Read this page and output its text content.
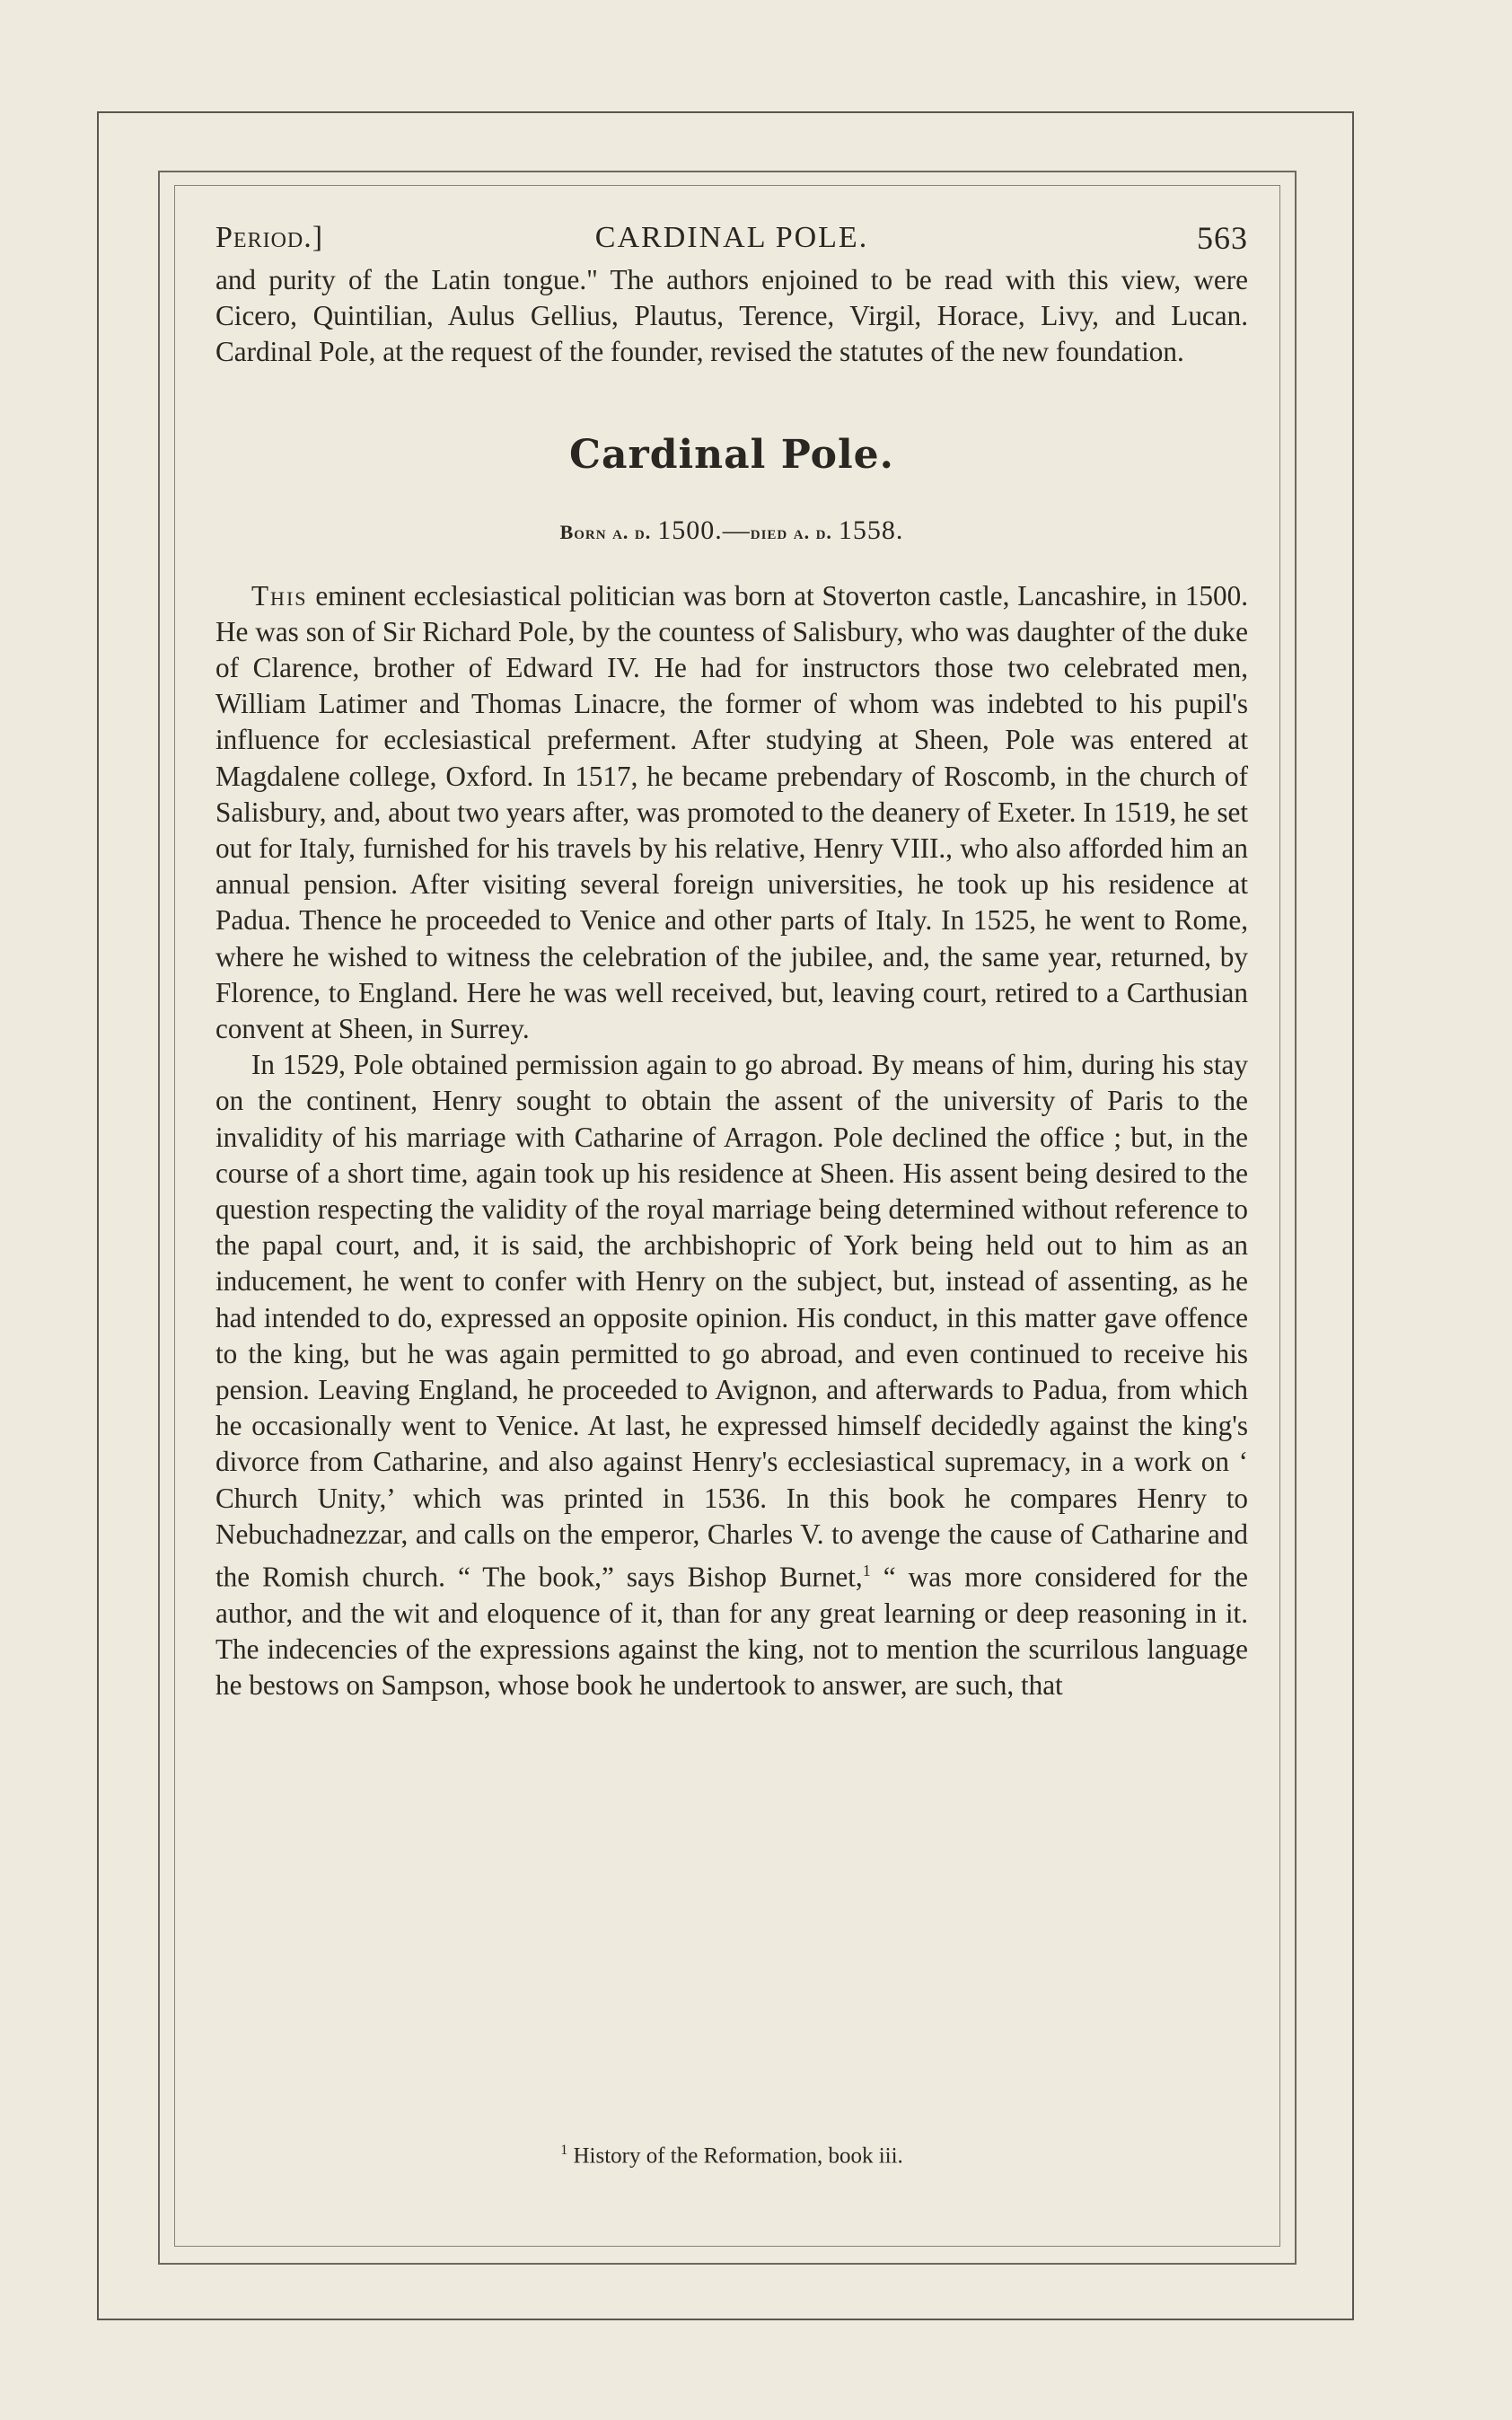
Period.]	CARDINAL POLE.	563

and purity of the Latin tongue." The authors enjoined to be read with this view, were Cicero, Quintilian, Aulus Gellius, Plautus, Terence, Virgil, Horace, Livy, and Lucan. Cardinal Pole, at the request of the founder, revised the statutes of the new foundation.

Cardinal Pole.
Born a. d. 1500.—died a. d. 1558.

This eminent ecclesiastical politician was born at Stoverton castle, Lancashire, in 1500. He was son of Sir Richard Pole, by the countess of Salisbury, who was daughter of the duke of Clarence, brother of Edward IV. He had for instructors those two celebrated men, William Latimer and Thomas Linacre, the former of whom was indebted to his pupil's influence for ecclesiastical preferment. After studying at Sheen, Pole was entered at Magdalene college, Oxford. In 1517, he became prebendary of Roscomb, in the church of Salisbury, and, about two years after, was promoted to the deanery of Exeter. In 1519, he set out for Italy, furnished for his travels by his relative, Henry VIII., who also afforded him an annual pension. After visiting several foreign universities, he took up his residence at Padua. Thence he proceeded to Venice and other parts of Italy. In 1525, he went to Rome, where he wished to witness the celebration of the jubilee, and, the same year, returned, by Florence, to England. Here he was well received, but, leaving court, retired to a Carthusian convent at Sheen, in Surrey.

In 1529, Pole obtained permission again to go abroad. By means of him, during his stay on the continent, Henry sought to obtain the assent of the university of Paris to the invalidity of his marriage with Catharine of Arragon. Pole declined the office ; but, in the course of a short time, again took up his residence at Sheen. His assent being desired to the question respecting the validity of the royal marriage being determined without reference to the papal court, and, it is said, the archbishopric of York being held out to him as an inducement, he went to confer with Henry on the subject, but, instead of assenting, as he had intended to do, expressed an opposite opinion. His conduct, in this matter gave offence to the king, but he was again permitted to go abroad, and even continued to receive his pension. Leaving England, he proceeded to Avignon, and afterwards to Padua, from which he occasionally went to Venice. At last, he expressed himself decidedly against the king's divorce from Catharine, and also against Henry's ecclesiastical supremacy, in a work on ‘ Church Unity,’ which was printed in 1536. In this book he compares Henry to Nebuchadnezzar, and calls on the emperor, Charles V. to avenge the cause of Catharine and the Romish church. “ The book,” says Bishop Burnet,$^1$ “ was more considered for the author, and the wit and eloquence of it, than for any great learning or deep reasoning in it. The indecencies of the expressions against the king, not to mention the scurrilous language he bestows on Sampson, whose book he undertook to answer, are such, that

$^1$ History of the Reformation, book iii.
